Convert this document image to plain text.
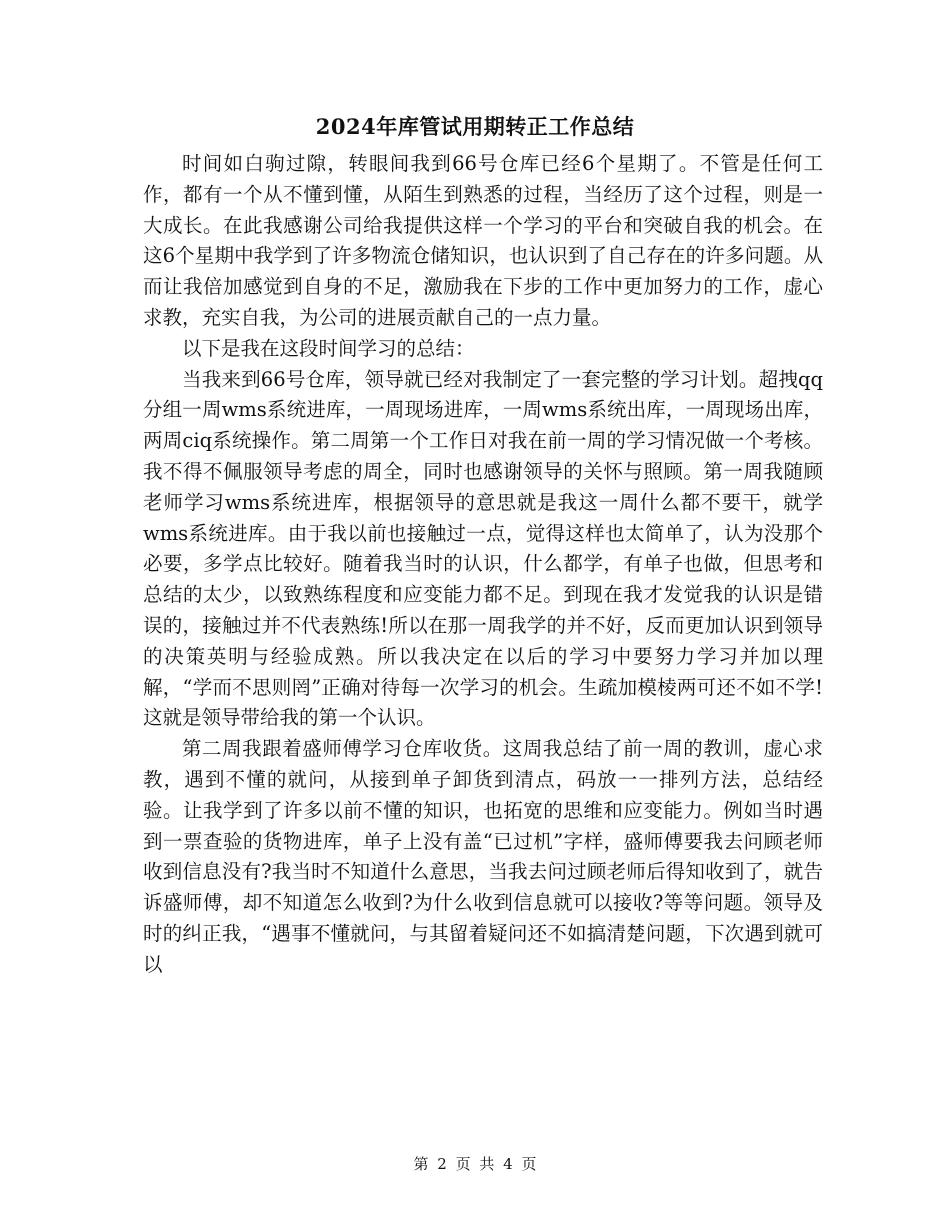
2024年库管试用期转正工作总结

时间如白驹过隙，转眼间我到66号仓库已经6个星期了。不管是任何工作，都有一个从不懂到懂，从陌生到熟悉的过程，当经历了这个过程，则是一大成长。在此我感谢公司给我提供这样一个学习的平台和突破自我的机会。在这6个星期中我学到了许多物流仓储知识，也认识到了自己存在的许多问题。从而让我倍加感觉到自身的不足，激励我在下步的工作中更加努力的工作，虚心求教，充实自我，为公司的进展贡献自己的一点力量。

以下是我在这段时间学习的总结：

当我来到66号仓库，领导就已经对我制定了一套完整的学习计划。超拽qq分组一周wms系统进库，一周现场进库，一周wms系统出库，一周现场出库，两周ciq系统操作。第二周第一个工作日对我在前一周的学习情况做一个考核。我不得不佩服领导考虑的周全，同时也感谢领导的关怀与照顾。第一周我随顾老师学习wms系统进库，根据领导的意思就是我这一周什么都不要干，就学wms系统进库。由于我以前也接触过一点，觉得这样也太简单了，认为没那个必要，多学点比较好。随着我当时的认识，什么都学，有单子也做，但思考和总结的太少，以致熟练程度和应变能力都不足。到现在我才发觉我的认识是错误的，接触过并不代表熟练!所以在那一周我学的并不好，反而更加认识到领导的决策英明与经验成熟。所以我决定在以后的学习中要努力学习并加以理解，“学而不思则罔”正确对待每一次学习的机会。生疏加模棱两可还不如不学!这就是领导带给我的第一个认识。

第二周我跟着盛师傅学习仓库收货。这周我总结了前一周的教训，虚心求教，遇到不懂的就问，从接到单子卸货到清点，码放一一排列方法，总结经验。让我学到了许多以前不懂的知识，也拓宽的思维和应变能力。例如当时遇到一票查验的货物进库，单子上没有盖“已过机”字样，盛师傅要我去问顾老师收到信息没有?我当时不知道什么意思，当我去问过顾老师后得知收到了，就告诉盛师傅，却不知道怎么收到?为什么收到信息就可以接收?等等问题。领导及时的纠正我，“遇事不懂就问，与其留着疑问还不如搞清楚问题，下次遇到就可以

第 2 页 共 4 页
